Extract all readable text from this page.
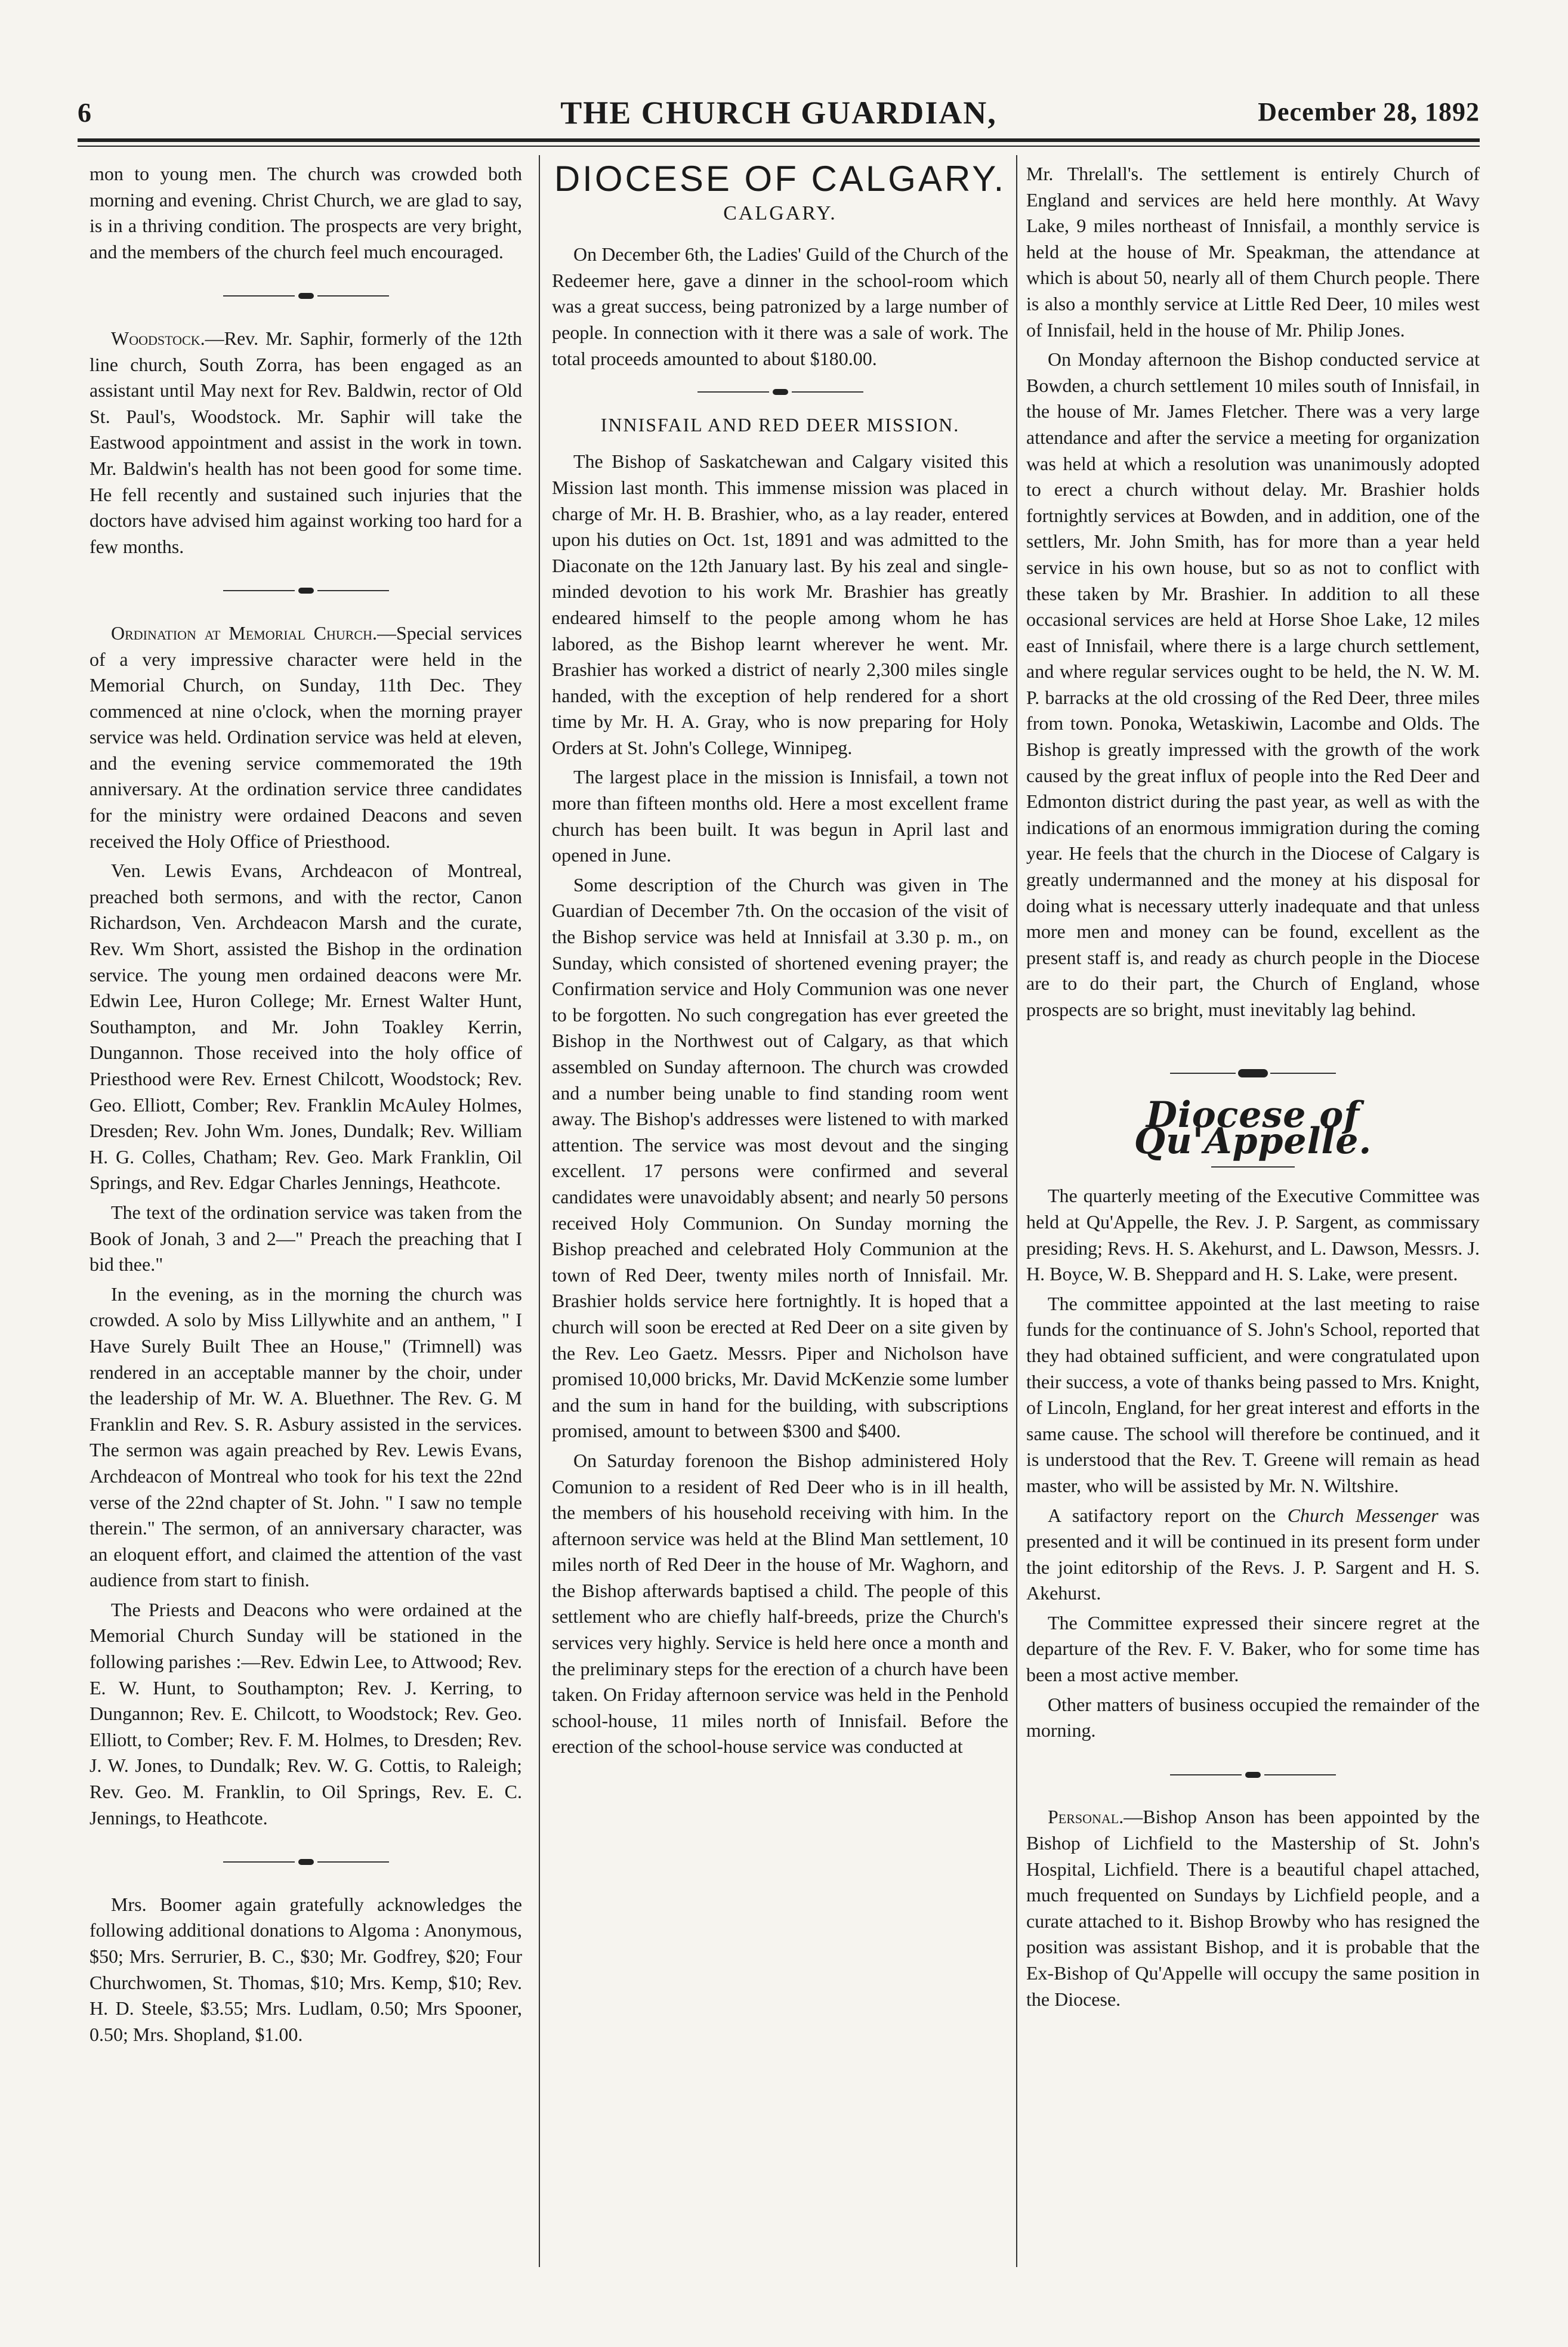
6	THE CHURCH GUARDIAN,	December 28, 1892

mon to young men. The church was crowded both morning and evening. Christ Church, we are glad to say, is in a thriving condition. The prospects are very bright, and the members of the church feel much encouraged.

Woodstock.—Rev. Mr. Saphir, formerly of the 12th line church, South Zorra, has been engaged as an assistant until May next for Rev. Baldwin, rector of Old St. Paul's, Woodstock. Mr. Saphir will take the Eastwood appointment and assist in the work in town. Mr. Baldwin's health has not been good for some time. He fell recently and sustained such injuries that the doctors have advised him against working too hard for a few months.

Ordination at Memorial Church.—Special services of a very impressive character were held in the Memorial Church, on Sunday, 11th Dec. They commenced at nine o'clock, when the morning prayer service was held. Ordination service was held at eleven, and the evening service commemorated the 19th anniversary. At the ordination service three candidates for the ministry were ordained Deacons and seven received the Holy Office of Priesthood.

Ven. Lewis Evans, Archdeacon of Montreal, preached both sermons, and with the rector, Canon Richardson, Ven. Archdeacon Marsh and the curate, Rev. Wm Short, assisted the Bishop in the ordination service. The young men ordained deacons were Mr. Edwin Lee, Huron College; Mr. Ernest Walter Hunt, Southampton, and Mr. John Toakley Kerrin, Dungannon. Those received into the holy office of Priesthood were Rev. Ernest Chilcott, Woodstock; Rev. Geo. Elliott, Comber; Rev. Franklin McAuley Holmes, Dresden; Rev. John Wm. Jones, Dundalk; Rev. William H. G. Colles, Chatham; Rev. Geo. Mark Franklin, Oil Springs, and Rev. Edgar Charles Jennings, Heathcote.

The text of the ordination service was taken from the Book of Jonah, 3 and 2—" Preach the preaching that I bid thee."

In the evening, as in the morning the church was crowded. A solo by Miss Lillywhite and an anthem, " I Have Surely Built Thee an House," (Trimnell) was rendered in an acceptable manner by the choir, under the leadership of Mr. W. A. Bluethner. The Rev. G. M Franklin and Rev. S. R. Asbury assisted in the services. The sermon was again preached by Rev. Lewis Evans, Archdeacon of Montreal who took for his text the 22nd verse of the 22nd chapter of St. John. " I saw no temple therein." The sermon, of an anniversary character, was an eloquent effort, and claimed the attention of the vast audience from start to finish.

The Priests and Deacons who were ordained at the Memorial Church Sunday will be stationed in the following parishes :—Rev. Edwin Lee, to Attwood; Rev. E. W. Hunt, to Southampton; Rev. J. Kerring, to Dungannon; Rev. E. Chilcott, to Woodstock; Rev. Geo. Elliott, to Comber; Rev. F. M. Holmes, to Dresden; Rev. J. W. Jones, to Dundalk; Rev. W. G. Cottis, to Raleigh; Rev. Geo. M. Franklin, to Oil Springs, Rev. E. C. Jennings, to Heathcote.

Mrs. Boomer again gratefully acknowledges the following additional donations to Algoma : Anonymous, $50; Mrs. Serrurier, B. C., $30; Mr. Godfrey, $20; Four Churchwomen, St. Thomas, $10; Mrs. Kemp, $10; Rev. H. D. Steele, $3.55; Mrs. Ludlam, 0.50; Mrs Spooner, 0.50; Mrs. Shopland, $1.00.

DIOCESE OF CALGARY.
CALGARY.

On December 6th, the Ladies' Guild of the Church of the Redeemer here, gave a dinner in the school-room which was a great success, being patronized by a large number of people. In connection with it there was a sale of work. The total proceeds amounted to about $180.00.

INNISFAIL AND RED DEER MISSION.

The Bishop of Saskatchewan and Calgary visited this Mission last month. This immense mission was placed in charge of Mr. H. B. Brashier, who, as a lay reader, entered upon his duties on Oct. 1st, 1891 and was admitted to the Diaconate on the 12th January last. By his zeal and single-minded devotion to his work Mr. Brashier has greatly endeared himself to the people among whom he has labored, as the Bishop learnt wherever he went. Mr. Brashier has worked a district of nearly 2,300 miles single handed, with the exception of help rendered for a short time by Mr. H. A. Gray, who is now preparing for Holy Orders at St. John's College, Winnipeg.

The largest place in the mission is Innisfail, a town not more than fifteen months old. Here a most excellent frame church has been built. It was begun in April last and opened in June.

Some description of the Church was given in The Guardian of December 7th. On the occasion of the visit of the Bishop service was held at Innisfail at 3.30 p. m., on Sunday, which consisted of shortened evening prayer; the Confirmation service and Holy Communion was one never to be forgotten. No such congregation has ever greeted the Bishop in the Northwest out of Calgary, as that which assembled on Sunday afternoon. The church was crowded and a number being unable to find standing room went away. The Bishop's addresses were listened to with marked attention. The service was most devout and the singing excellent. 17 persons were confirmed and several candidates were unavoidably absent; and nearly 50 persons received Holy Communion. On Sunday morning the Bishop preached and celebrated Holy Communion at the town of Red Deer, twenty miles north of Innisfail. Mr. Brashier holds service here fortnightly. It is hoped that a church will soon be erected at Red Deer on a site given by the Rev. Leo Gaetz. Messrs. Piper and Nicholson have promised 10,000 bricks, Mr. David McKenzie some lumber and the sum in hand for the building, with subscriptions promised, amount to between $300 and $400.

On Saturday forenoon the Bishop administered Holy Comunion to a resident of Red Deer who is in ill health, the members of his household receiving with him. In the afternoon service was held at the Blind Man settlement, 10 miles north of Red Deer in the house of Mr. Waghorn, and the Bishop afterwards baptised a child. The people of this settlement who are chiefly half-breeds, prize the Church's services very highly. Service is held here once a month and the preliminary steps for the erection of a church have been taken. On Friday afternoon service was held in the Penhold school-house, 11 miles north of Innisfail. Before the erection of the school-house service was conducted at

Mr. Threlall's. The settlement is entirely Church of England and services are held here monthly. At Wavy Lake, 9 miles northeast of Innisfail, a monthly service is held at the house of Mr. Speakman, the attendance at which is about 50, nearly all of them Church people. There is also a monthly service at Little Red Deer, 10 miles west of Innisfail, held in the house of Mr. Philip Jones.

On Monday afternoon the Bishop conducted service at Bowden, a church settlement 10 miles south of Innisfail, in the house of Mr. James Fletcher. There was a very large attendance and after the service a meeting for organization was held at which a resolution was unanimously adopted to erect a church without delay. Mr. Brashier holds fortnightly services at Bowden, and in addition, one of the settlers, Mr. John Smith, has for more than a year held service in his own house, but so as not to conflict with these taken by Mr. Brashier. In addition to all these occasional services are held at Horse Shoe Lake, 12 miles east of Innisfail, where there is a large church settlement, and where regular services ought to be held, the N. W. M. P. barracks at the old crossing of the Red Deer, three miles from town. Ponoka, Wetaskiwin, Lacombe and Olds. The Bishop is greatly impressed with the growth of the work caused by the great influx of people into the Red Deer and Edmonton district during the past year, as well as with the indications of an enormous immigration during the coming year. He feels that the church in the Diocese of Calgary is greatly undermanned and the money at his disposal for doing what is necessary utterly inadequate and that unless more men and money can be found, excellent as the present staff is, and ready as church people in the Diocese are to do their part, the Church of England, whose prospects are so bright, must inevitably lag behind.

Diocese of Qu'Appelle.

The quarterly meeting of the Executive Committee was held at Qu'Appelle, the Rev. J. P. Sargent, as commissary presiding; Revs. H. S. Akehurst, and L. Dawson, Messrs. J. H. Boyce, W. B. Sheppard and H. S. Lake, were present.

The committee appointed at the last meeting to raise funds for the continuance of S. John's School, reported that they had obtained sufficient, and were congratulated upon their success, a vote of thanks being passed to Mrs. Knight, of Lincoln, England, for her great interest and efforts in the same cause. The school will therefore be continued, and it is understood that the Rev. T. Greene will remain as head master, who will be assisted by Mr. N. Wiltshire.

A satifactory report on the Church Messenger was presented and it will be continued in its present form under the joint editorship of the Revs. J. P. Sargent and H. S. Akehurst.

The Committee expressed their sincere regret at the departure of the Rev. F. V. Baker, who for some time has been a most active member.

Other matters of business occupied the remainder of the morning.

Personal.—Bishop Anson has been appointed by the Bishop of Lichfield to the Mastership of St. John's Hospital, Lichfield. There is a beautiful chapel attached, much frequented on Sundays by Lichfield people, and a curate attached to it. Bishop Browby who has resigned the position was assistant Bishop, and it is probable that the Ex-Bishop of Qu'Appelle will occupy the same position in the Diocese.
